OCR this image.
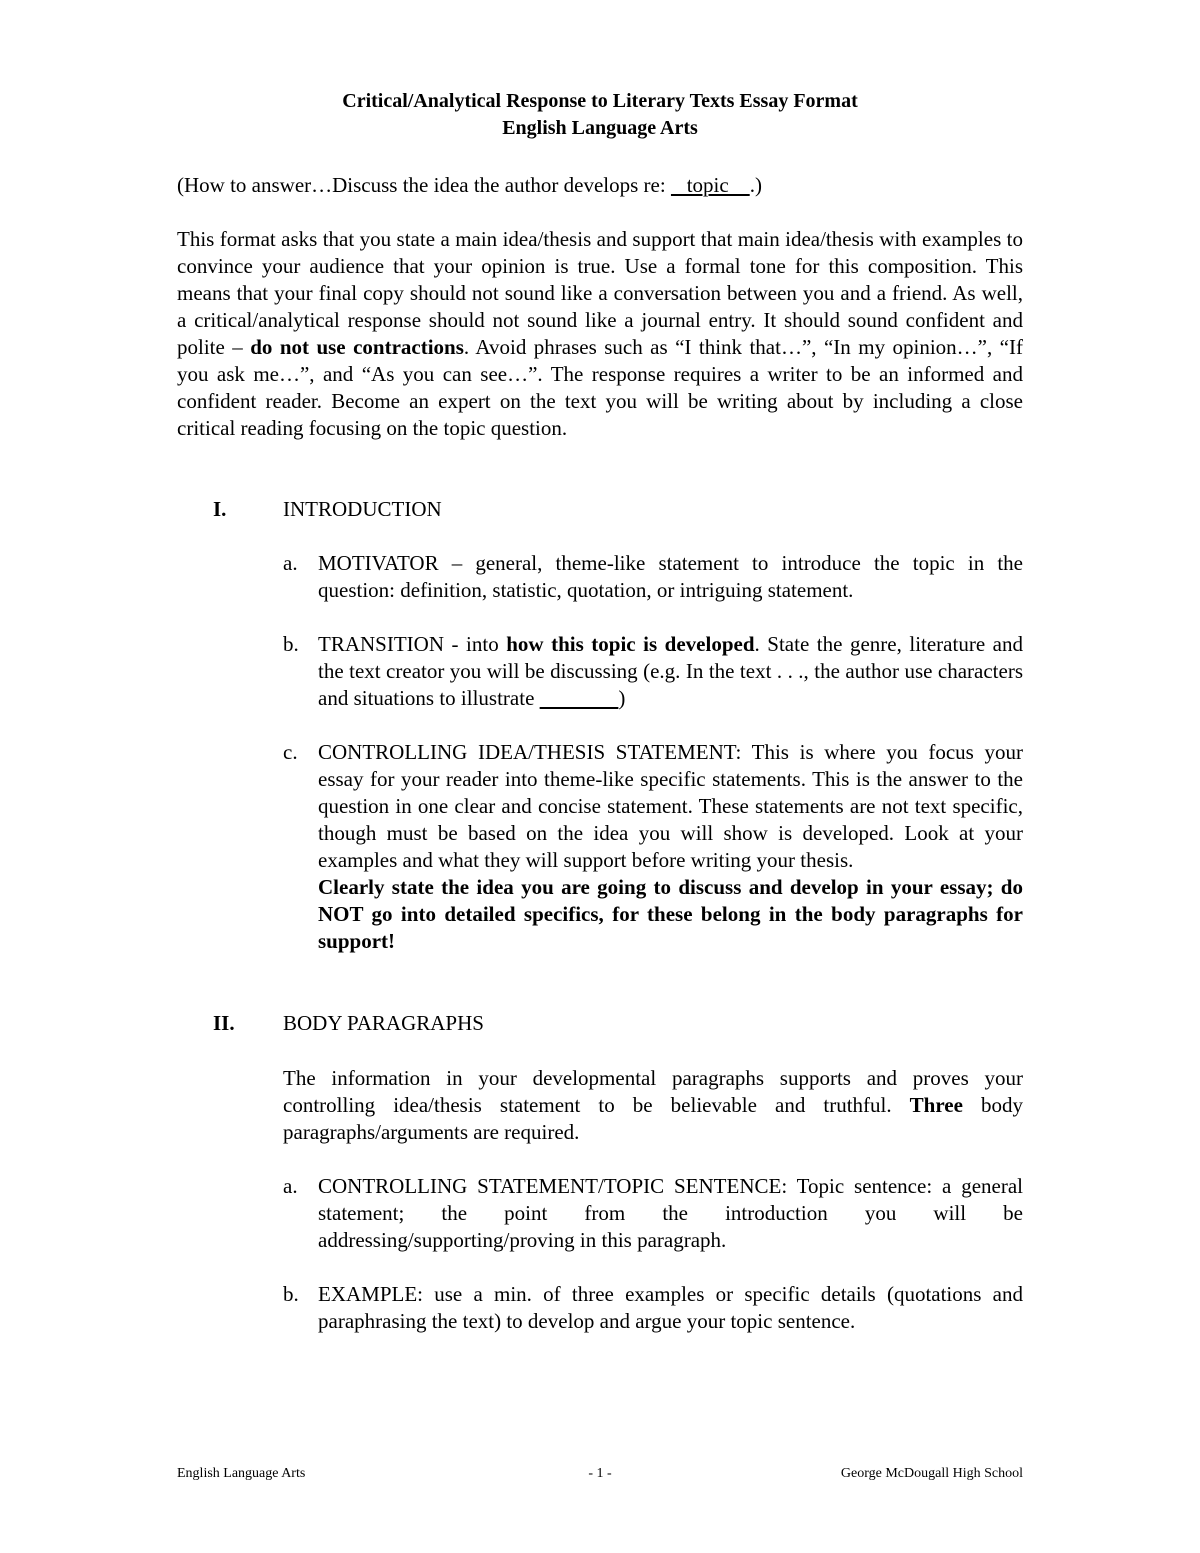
Critical/Analytical Response to Literary Texts Essay Format
English Language Arts
(How to answer…Discuss the idea the author develops re:    topic    .)
This format asks that you state a main idea/thesis and support that main idea/thesis with examples to convince your audience that your opinion is true. Use a formal tone for this composition. This means that your final copy should not sound like a conversation between you and a friend. As well, a critical/analytical response should not sound like a journal entry. It should sound confident and polite – do not use contractions. Avoid phrases such as “I think that…”, “In my opinion…”, “If you ask me…”, and “As you can see…”. The response requires a writer to be an informed and confident reader. Become an expert on the text you will be writing about by including a close critical reading focusing on the topic question.
I.	INTRODUCTION
a. MOTIVATOR – general, theme-like statement to introduce the topic in the question: definition, statistic, quotation, or intriguing statement.
b. TRANSITION - into how this topic is developed. State the genre, literature and the text creator you will be discussing (e.g. In the text . . ., the author use characters and situations to illustrate	)
c. CONTROLLING IDEA/THESIS STATEMENT: This is where you focus your essay for your reader into theme-like specific statements. This is the answer to the question in one clear and concise statement. These statements are not text specific, though must be based on the idea you will show is developed. Look at your examples and what they will support before writing your thesis.
Clearly state the idea you are going to discuss and develop in your essay; do NOT go into detailed specifics, for these belong in the body paragraphs for support!
II. BODY PARAGRAPHS
The information in your developmental paragraphs supports and proves your controlling idea/thesis statement to be believable and truthful. Three body paragraphs/arguments are required.
a. CONTROLLING STATEMENT/TOPIC SENTENCE: Topic sentence: a general statement; the point from the introduction you will be addressing/supporting/proving in this paragraph.
b. EXAMPLE: use a min. of three examples or specific details (quotations and paraphrasing the text) to develop and argue your topic sentence.
English Language Arts	- 1 -	George McDougall High School
